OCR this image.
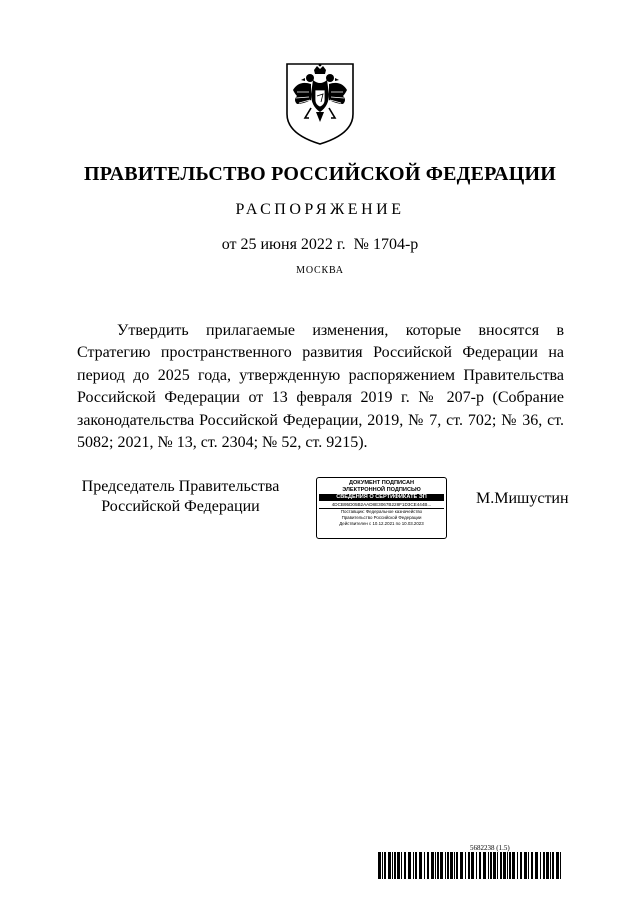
ПРАВИТЕЛЬСТВО РОССИЙСКОЙ ФЕДЕРАЦИИ
РАСПОРЯЖЕНИЕ
от 25 июня 2022 г.  № 1704-р
МОСКВА
Утвердить прилагаемые изменения, которые вносятся в Стратегию пространственного развития Российской Федерации на период до 2025 года, утвержденную распоряжением Правительства Российской Федерации от 13 февраля 2019 г. № 207-р (Собрание законодательства Российской Федерации, 2019, № 7, ст. 702; № 36, ст. 5082; 2021, № 13, ст. 2304; № 52, ст. 9215).
Председатель Правительства
Российской Федерации
ДОКУМЕНТ ПОДПИСАН
ЭЛЕКТРОННОЙ ПОДПИСЬЮ
СВЕДЕНИЯ О СЕРТИФИКАТЕ ЭП
4DCB95D05B2AAD8E3067B228F1D3CE444B...
Поставщик: Федеральное казначейство
Правительство Российской Федерации
Действителен с 10.12.2021 по 10.03.2023
М.Мишустин
5682238 (1.5)
